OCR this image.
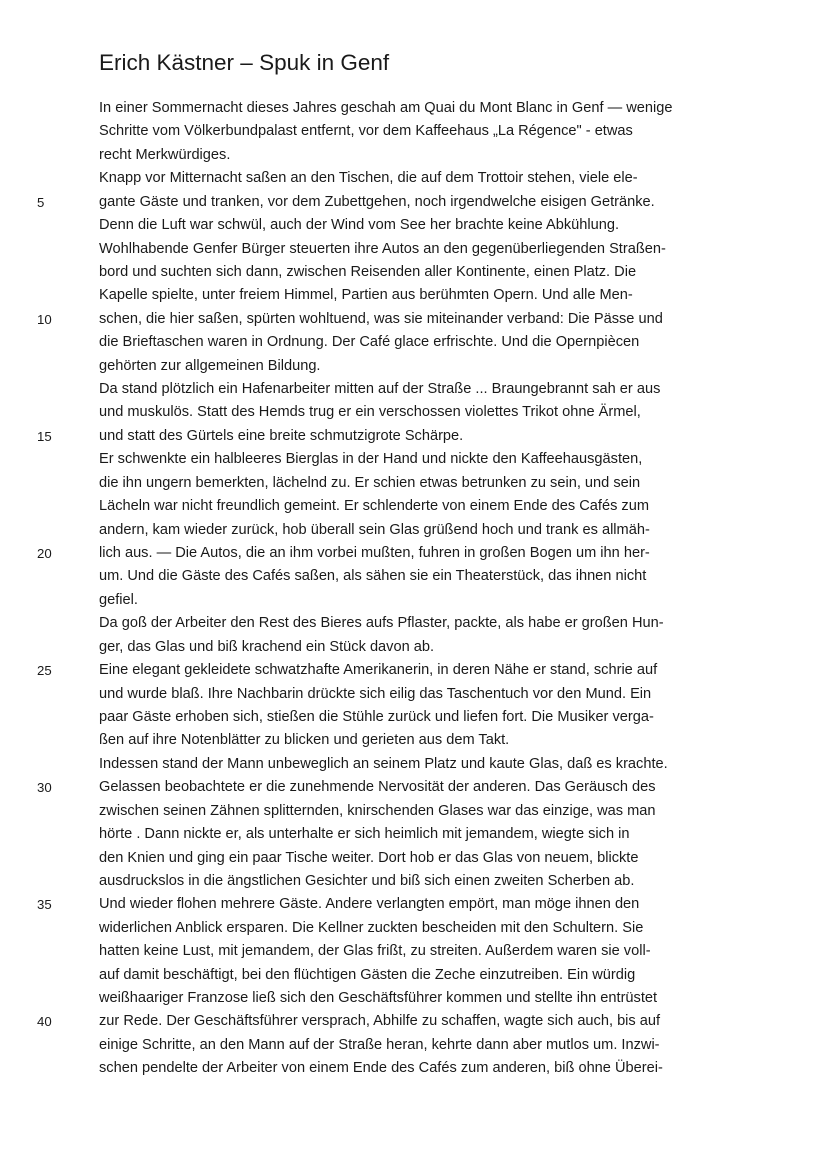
Erich Kästner – Spuk in Genf
In einer Sommernacht dieses Jahres geschah am Quai du Mont Blanc in Genf — wenige
Schritte vom Völkerbundpalast entfernt, vor dem Kaffeehaus „La Régence" - etwas
recht Merkwürdiges.
Knapp vor Mitternacht saßen an den Tischen, die auf dem Trottoir stehen, viele ele-
5	gante Gäste und tranken, vor dem Zubettgehen, noch irgendwelche eisigen Getränke.
Denn die Luft war schwül, auch der Wind vom See her brachte keine Abkühlung.
Wohlhabende Genfer Bürger steuerten ihre Autos an den gegenüberliegenden Straßen-
bord und suchten sich dann, zwischen Reisenden aller Kontinente, einen Platz. Die
Kapelle spielte, unter freiem Himmel, Partien aus berühmten Opern. Und alle Men-
10	schen, die hier saßen, spürten wohltuend, was sie miteinander verband: Die Pässe und
die Brieftaschen waren in Ordnung. Der Café glace erfrischte. Und die Opernpiècen
gehörten zur allgemeinen Bildung.
Da stand plötzlich ein Hafenarbeiter mitten auf der Straße ... Braungebrannt sah er aus
und muskulös. Statt des Hemds trug er ein verschossen violettes Trikot ohne Ärmel,
15	und statt des Gürtels eine breite schmutzigrote Schärpe.
Er schwenkte ein halbleeres Bierglas in der Hand und nickte den Kaffeehausgästen,
die ihn ungern bemerkten, lächelnd zu. Er schien etwas betrunken zu sein, und sein
Lächeln war nicht freundlich gemeint. Er schlenderte von einem Ende des Cafés zum
andern, kam wieder zurück, hob überall sein Glas grüßend hoch und trank es allmäh-
20	lich aus. — Die Autos, die an ihm vorbei mußten, fuhren in großen Bogen um ihn her-
um. Und die Gäste des Cafés saßen, als sähen sie ein Theaterstück, das ihnen nicht
gefiel.
Da goß der Arbeiter den Rest des Bieres aufs Pflaster, packte, als habe er großen Hun-
ger, das Glas und biß krachend ein Stück davon ab.
25	Eine elegant gekleidete schwatzhafte Amerikanerin, in deren Nähe er stand, schrie auf
und wurde blaß. Ihre Nachbarin drückte sich eilig das Taschentuch vor den Mund. Ein
paar Gäste erhoben sich, stießen die Stühle zurück und liefen fort. Die Musiker verga-
ßen auf ihre Notenblätter zu blicken und gerieten aus dem Takt.
Indessen stand der Mann unbeweglich an seinem Platz und kaute Glas, daß es krachte.
30	Gelassen beobachtete er die zunehmende Nervosität der anderen. Das Geräusch des
zwischen seinen Zähnen splitternden, knirschenden Glases war das einzige, was man
hörte . Dann nickte er, als unterhalte er sich heimlich mit jemandem, wiegte sich in
den Knien und ging ein paar Tische weiter. Dort hob er das Glas von neuem, blickte
ausdruckslos in die ängstlichen Gesichter und biß sich einen zweiten Scherben ab.
35	Und wieder flohen mehrere Gäste. Andere verlangten empört, man möge ihnen den
widerlichen Anblick ersparen. Die Kellner zuckten bescheiden mit den Schultern. Sie
hatten keine Lust, mit jemandem, der Glas frißt, zu streiten. Außerdem waren sie voll-
auf damit beschäftigt, bei den flüchtigen Gästen die Zeche einzutreiben. Ein würdig
weißhaariger Franzose ließ sich den Geschäftsführer kommen und stellte ihn entrüstet
40	zur Rede. Der Geschäftsführer versprach, Abhilfe zu schaffen, wagte sich auch, bis auf
einige Schritte, an den Mann auf der Straße heran, kehrte dann aber mutlos um. Inzwi-
schen pendelte der Arbeiter von einem Ende des Cafés zum anderen, biß ohne Überei-
